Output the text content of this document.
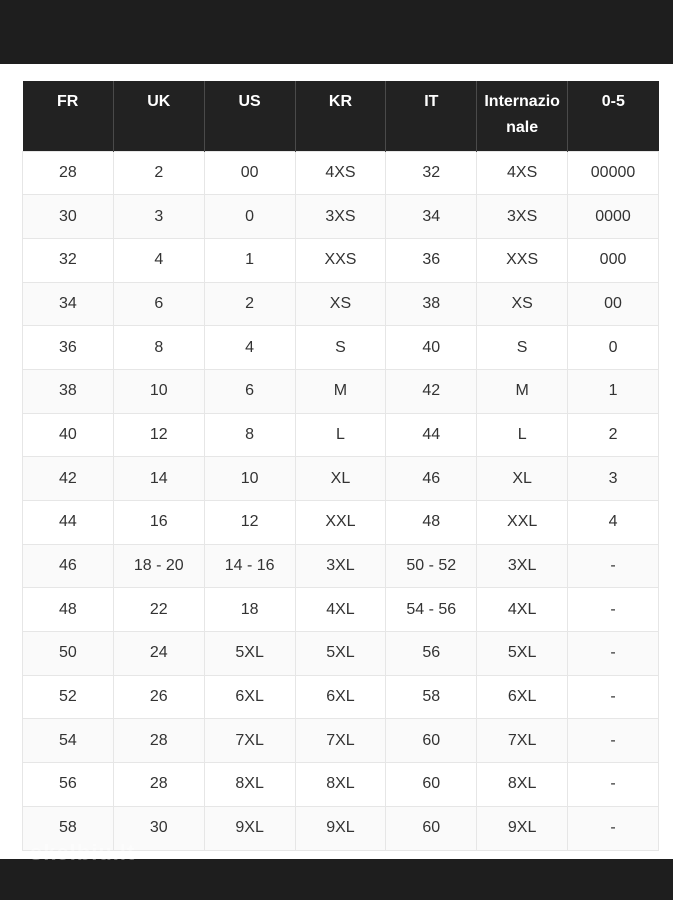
FR	UK	US	KR	IT	Internazionale	0-5
28	2	00	4XS	32	4XS	00000
30	3	0	3XS	34	3XS	0000
32	4	1	XXS	36	XXS	000
34	6	2	XS	38	XS	00
36	8	4	S	40	S	0
38	10	6	M	42	M	1
40	12	8	L	44	L	2
42	14	10	XL	46	XL	3
44	16	12	XXL	48	XXL	4
46	18 - 20	14 - 16	3XL	50 - 52	3XL	-
48	22	18	4XL	54 - 56	4XL	-
50	24	5XL	5XL	56	5XL	-
52	26	6XL	6XL	58	6XL	-
54	28	7XL	7XL	60	7XL	-
56	28	8XL	8XL	60	8XL	-
58	30	9XL	9XL	60	9XL	-
skelbiu.lt
